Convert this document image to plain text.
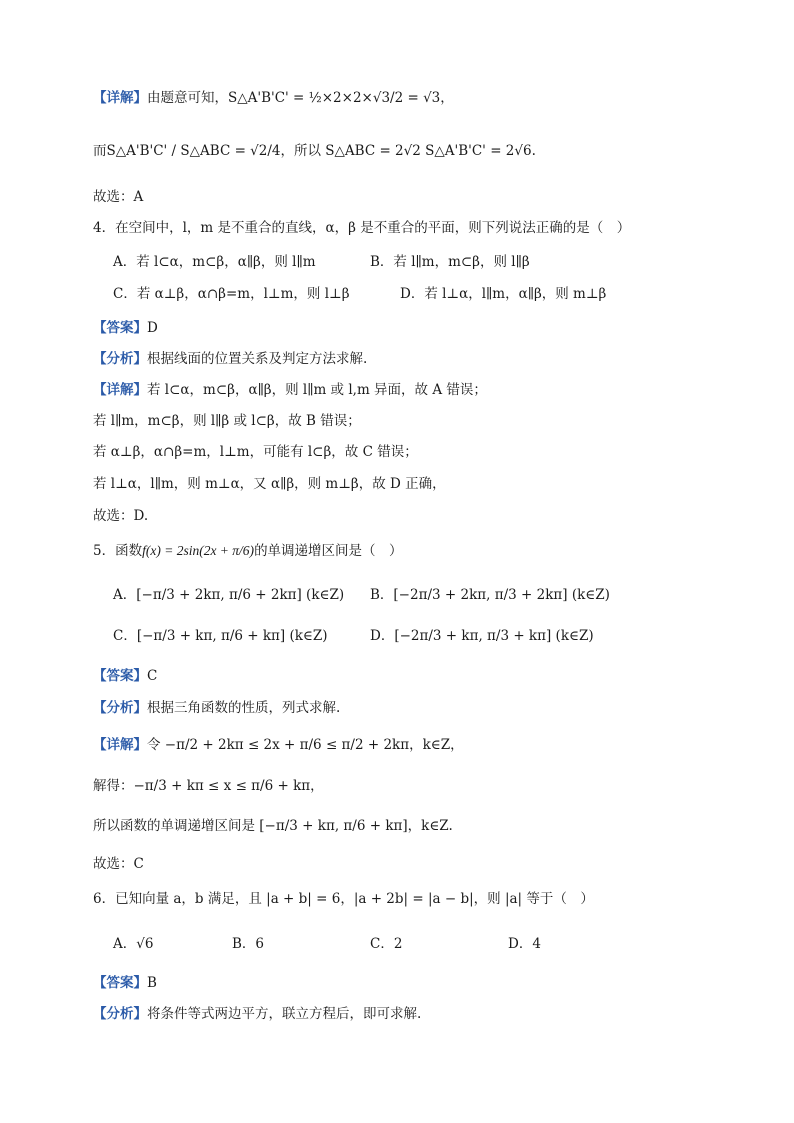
【详解】由题意可知，S△A'B'C' = ½×2×2×√3/2 = √3，
而S△A'B'C' / S△ABC = √2/4，所以 S△ABC = 2√2 S△A'B'C' = 2√6.
故选：A
4．在空间中，l，m 是不重合的直线，α，β 是不重合的平面，则下列说法正确的是（　）
A．若 l⊂α，m⊂β，α∥β，则 l∥m	B．若 l∥m，m⊂β，则 l∥β
C．若 α⊥β，α∩β=m，l⊥m，则 l⊥β	D．若 l⊥α，l∥m，α∥β，则 m⊥β
【答案】D
【分析】根据线面的位置关系及判定方法求解.
【详解】若 l⊂α，m⊂β，α∥β，则 l∥m 或 l,m 异面，故 A 错误；
若 l∥m，m⊂β，则 l∥β 或 l⊂β，故 B 错误；
若 α⊥β，α∩β=m，l⊥m，可能有 l⊂β，故 C 错误；
若 l⊥α，l∥m，则 m⊥α，又 α∥β，则 m⊥β，故 D 正确，
故选：D.
5．函数f(x) = 2sin(2x + π/6)的单调递增区间是（　）
A．[−π/3 + 2kπ, π/6 + 2kπ] (k∈Z) B．[−2π/3 + 2kπ, π/3 + 2kπ] (k∈Z)
C．[−π/3 + kπ, π/6 + kπ] (k∈Z)	D．[−2π/3 + kπ, π/3 + kπ] (k∈Z)
【答案】C
【分析】根据三角函数的性质，列式求解.
【详解】令 −π/2 + 2kπ ≤ 2x + π/6 ≤ π/2 + 2kπ，k∈Z，
解得：−π/3 + kπ ≤ x ≤ π/6 + kπ，
所以函数的单调递增区间是 [−π/3 + kπ, π/6 + kπ]，k∈Z.
故选：C
6．已知向量 a，b 满足，且 |a + b| = 6，|a + 2b| = |a − b|，则 |a| 等于（　）
A．√6	B．6	C．2	D．4
【答案】B
【分析】将条件等式两边平方，联立方程后，即可求解.
